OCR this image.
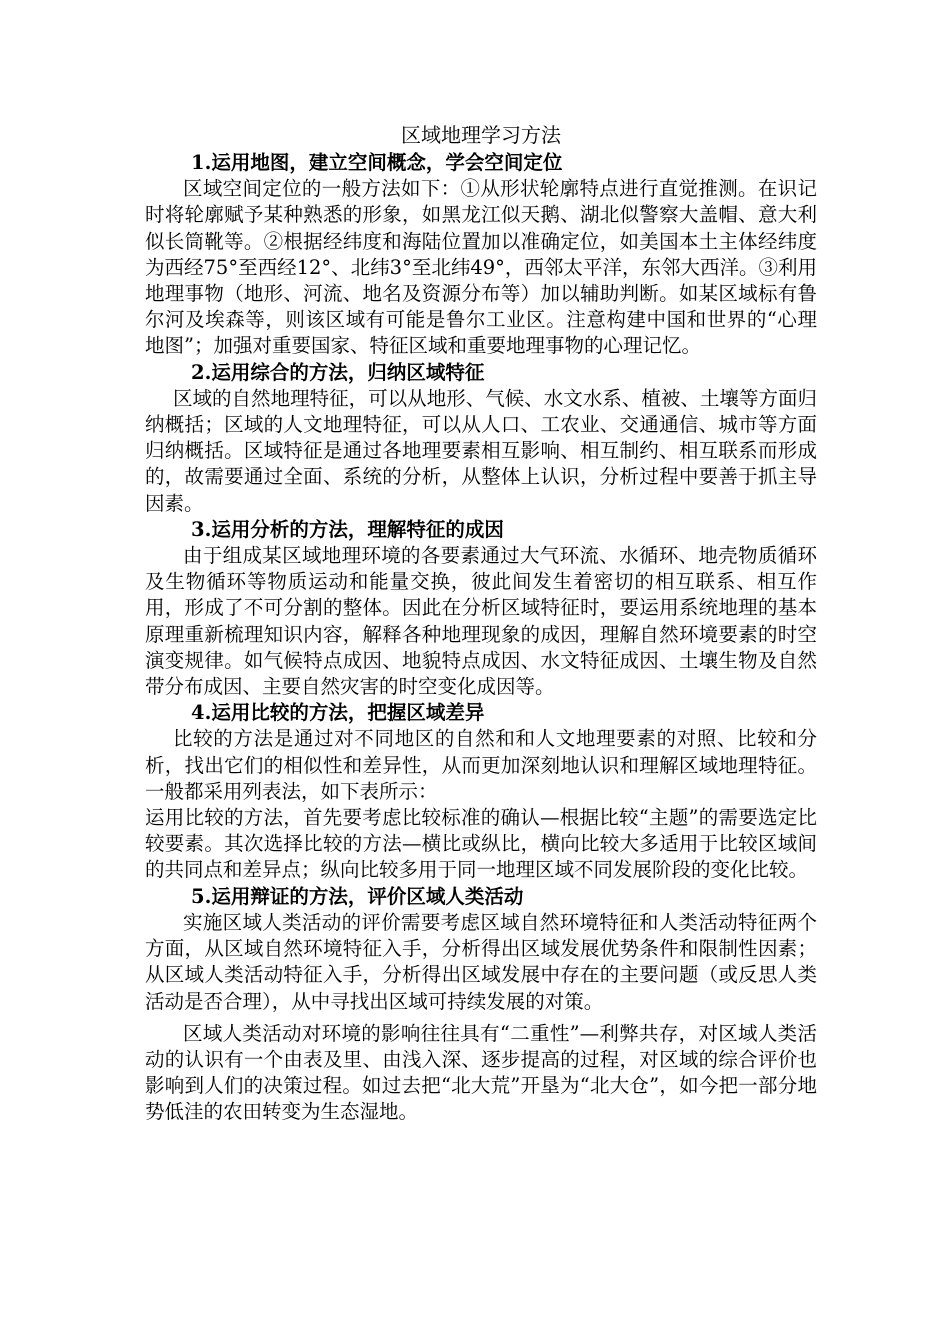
区域地理学习方法
1.运用地图，建立空间概念，学会空间定位

区域空间定位的一般方法如下：①从形状轮廓特点进行直觉推测。在识记时将轮廓赋予某种熟悉的形象，如黑龙江似天鹅、湖北似警察大盖帽、意大利似长筒靴等。②根据经纬度和海陆位置加以准确定位，如美国本土主体经纬度为西经75°至西经12°、北纬3°至北纬49°，西邻太平洋，东邻大西洋。③利用地理事物（地形、河流、地名及资源分布等）加以辅助判断。如某区域标有鲁尔河及埃森等，则该区域有可能是鲁尔工业区。注意构建中国和世界的“心理地图”；加强对重要国家、特征区域和重要地理事物的心理记忆。

2.运用综合的方法，归纳区域特征

区域的自然地理特征，可以从地形、气候、水文水系、植被、土壤等方面归纳概括；区域的人文地理特征，可以从人口、工农业、交通通信、城市等方面归纳概括。区域特征是通过各地理要素相互影响、相互制约、相互联系而形成的，故需要通过全面、系统的分析，从整体上认识，分析过程中要善于抓主导因素。

3.运用分析的方法，理解特征的成因

由于组成某区域地理环境的各要素通过大气环流、水循环、地壳物质循环及生物循环等物质运动和能量交换，彼此间发生着密切的相互联系、相互作用，形成了不可分割的整体。因此在分析区域特征时，要运用系统地理的基本原理重新梳理知识内容，解释各种地理现象的成因，理解自然环境要素的时空演变规律。如气候特点成因、地貌特点成因、水文特征成因、土壤生物及自然带分布成因、主要自然灾害的时空变化成因等。

4.运用比较的方法，把握区域差异

比较的方法是通过对不同地区的自然和和人文地理要素的对照、比较和分析，找出它们的相似性和差异性，从而更加深刻地认识和理解区域地理特征。一般都采用列表法，如下表所示：

运用比较的方法，首先要考虑比较标准的确认—根据比较“主题”的需要选定比较要素。其次选择比较的方法—横比或纵比，横向比较大多适用于比较区域间的共同点和差异点；纵向比较多用于同一地理区域不同发展阶段的变化比较。

5.运用辩证的方法，评价区域人类活动

实施区域人类活动的评价需要考虑区域自然环境特征和人类活动特征两个方面，从区域自然环境特征入手，分析得出区域发展优势条件和限制性因素；从区域人类活动特征入手，分析得出区域发展中存在的主要问题（或反思人类活动是否合理），从中寻找出区域可持续发展的对策。

区域人类活动对环境的影响往往具有“二重性”—利弊共存，对区域人类活动的认识有一个由表及里、由浅入深、逐步提高的过程，对区域的综合评价也影响到人们的决策过程。如过去把“北大荒”开垦为“北大仓”，如今把一部分地势低洼的农田转变为生态湿地。
